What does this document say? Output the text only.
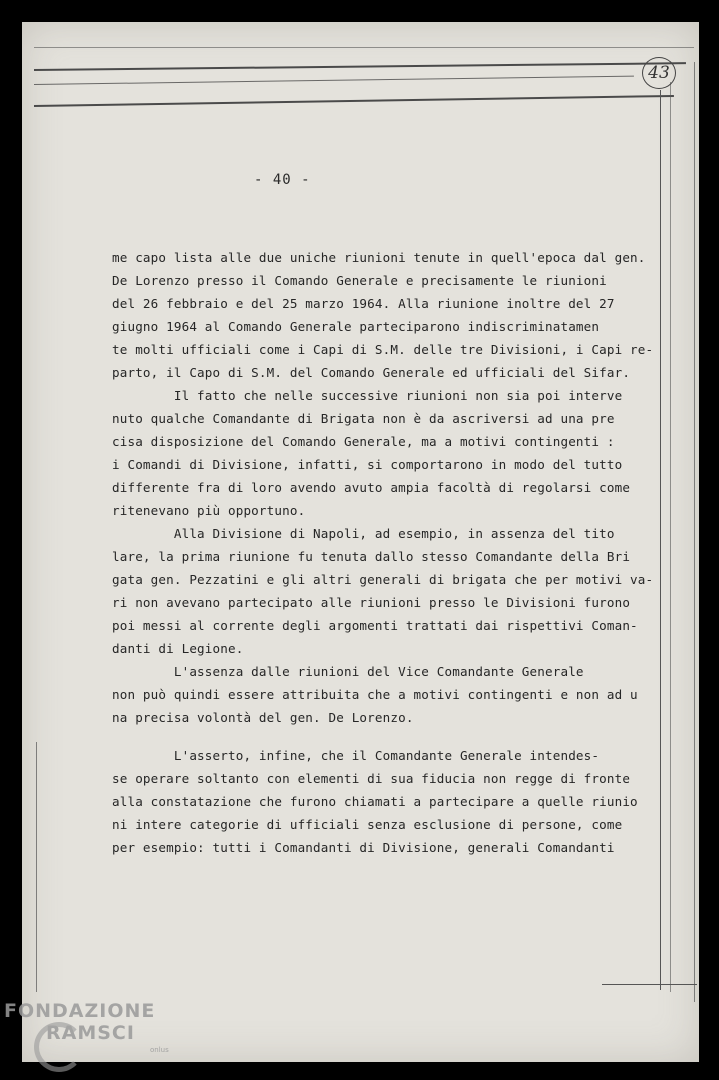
43
- 40 -
me capo lista alle due uniche riunioni tenute in quell'epoca dal gen.
De Lorenzo presso il Comando Generale e precisamente le riunioni
del 26 febbraio e del 25 marzo 1964. Alla riunione inoltre del 27
giugno 1964 al Comando Generale parteciparono indiscriminatamen
te molti ufficiali come i Capi di S.M. delle tre Divisioni, i Capi re-
parto, il Capo di S.M. del Comando Generale ed ufficiali del Sifar.
Il fatto che nelle successive riunioni non sia poi interve
nuto qualche Comandante di Brigata non è da ascriversi ad una pre
cisa disposizione del Comando Generale, ma a motivi contingenti :
i Comandi di Divisione, infatti, si comportarono in modo del tutto
differente fra di loro avendo avuto ampia facoltà di regolarsi come
ritenevano più opportuno.
Alla Divisione di Napoli, ad esempio, in assenza del tito
lare, la prima riunione fu tenuta dallo stesso Comandante della Bri
gata gen. Pezzatini e gli altri generali di brigata che per motivi va-
ri non avevano partecipato alle riunioni presso le Divisioni furono
poi messi al corrente degli argomenti trattati dai rispettivi Coman-
danti di Legione.
L'assenza dalle riunioni del Vice Comandante Generale
non può quindi essere attribuita che a motivi contingenti e non ad u
na precisa volontà del gen. De Lorenzo.
L'asserto, infine, che il Comandante Generale intendes-
se operare soltanto con elementi di sua fiducia non regge di fronte
alla constatazione che furono chiamati a partecipare a quelle riunio
ni intere categorie di ufficiali senza esclusione di persone, come
per esempio: tutti i Comandanti di Divisione, generali Comandanti
FONDAZIONE
RAMSCI
onlus
